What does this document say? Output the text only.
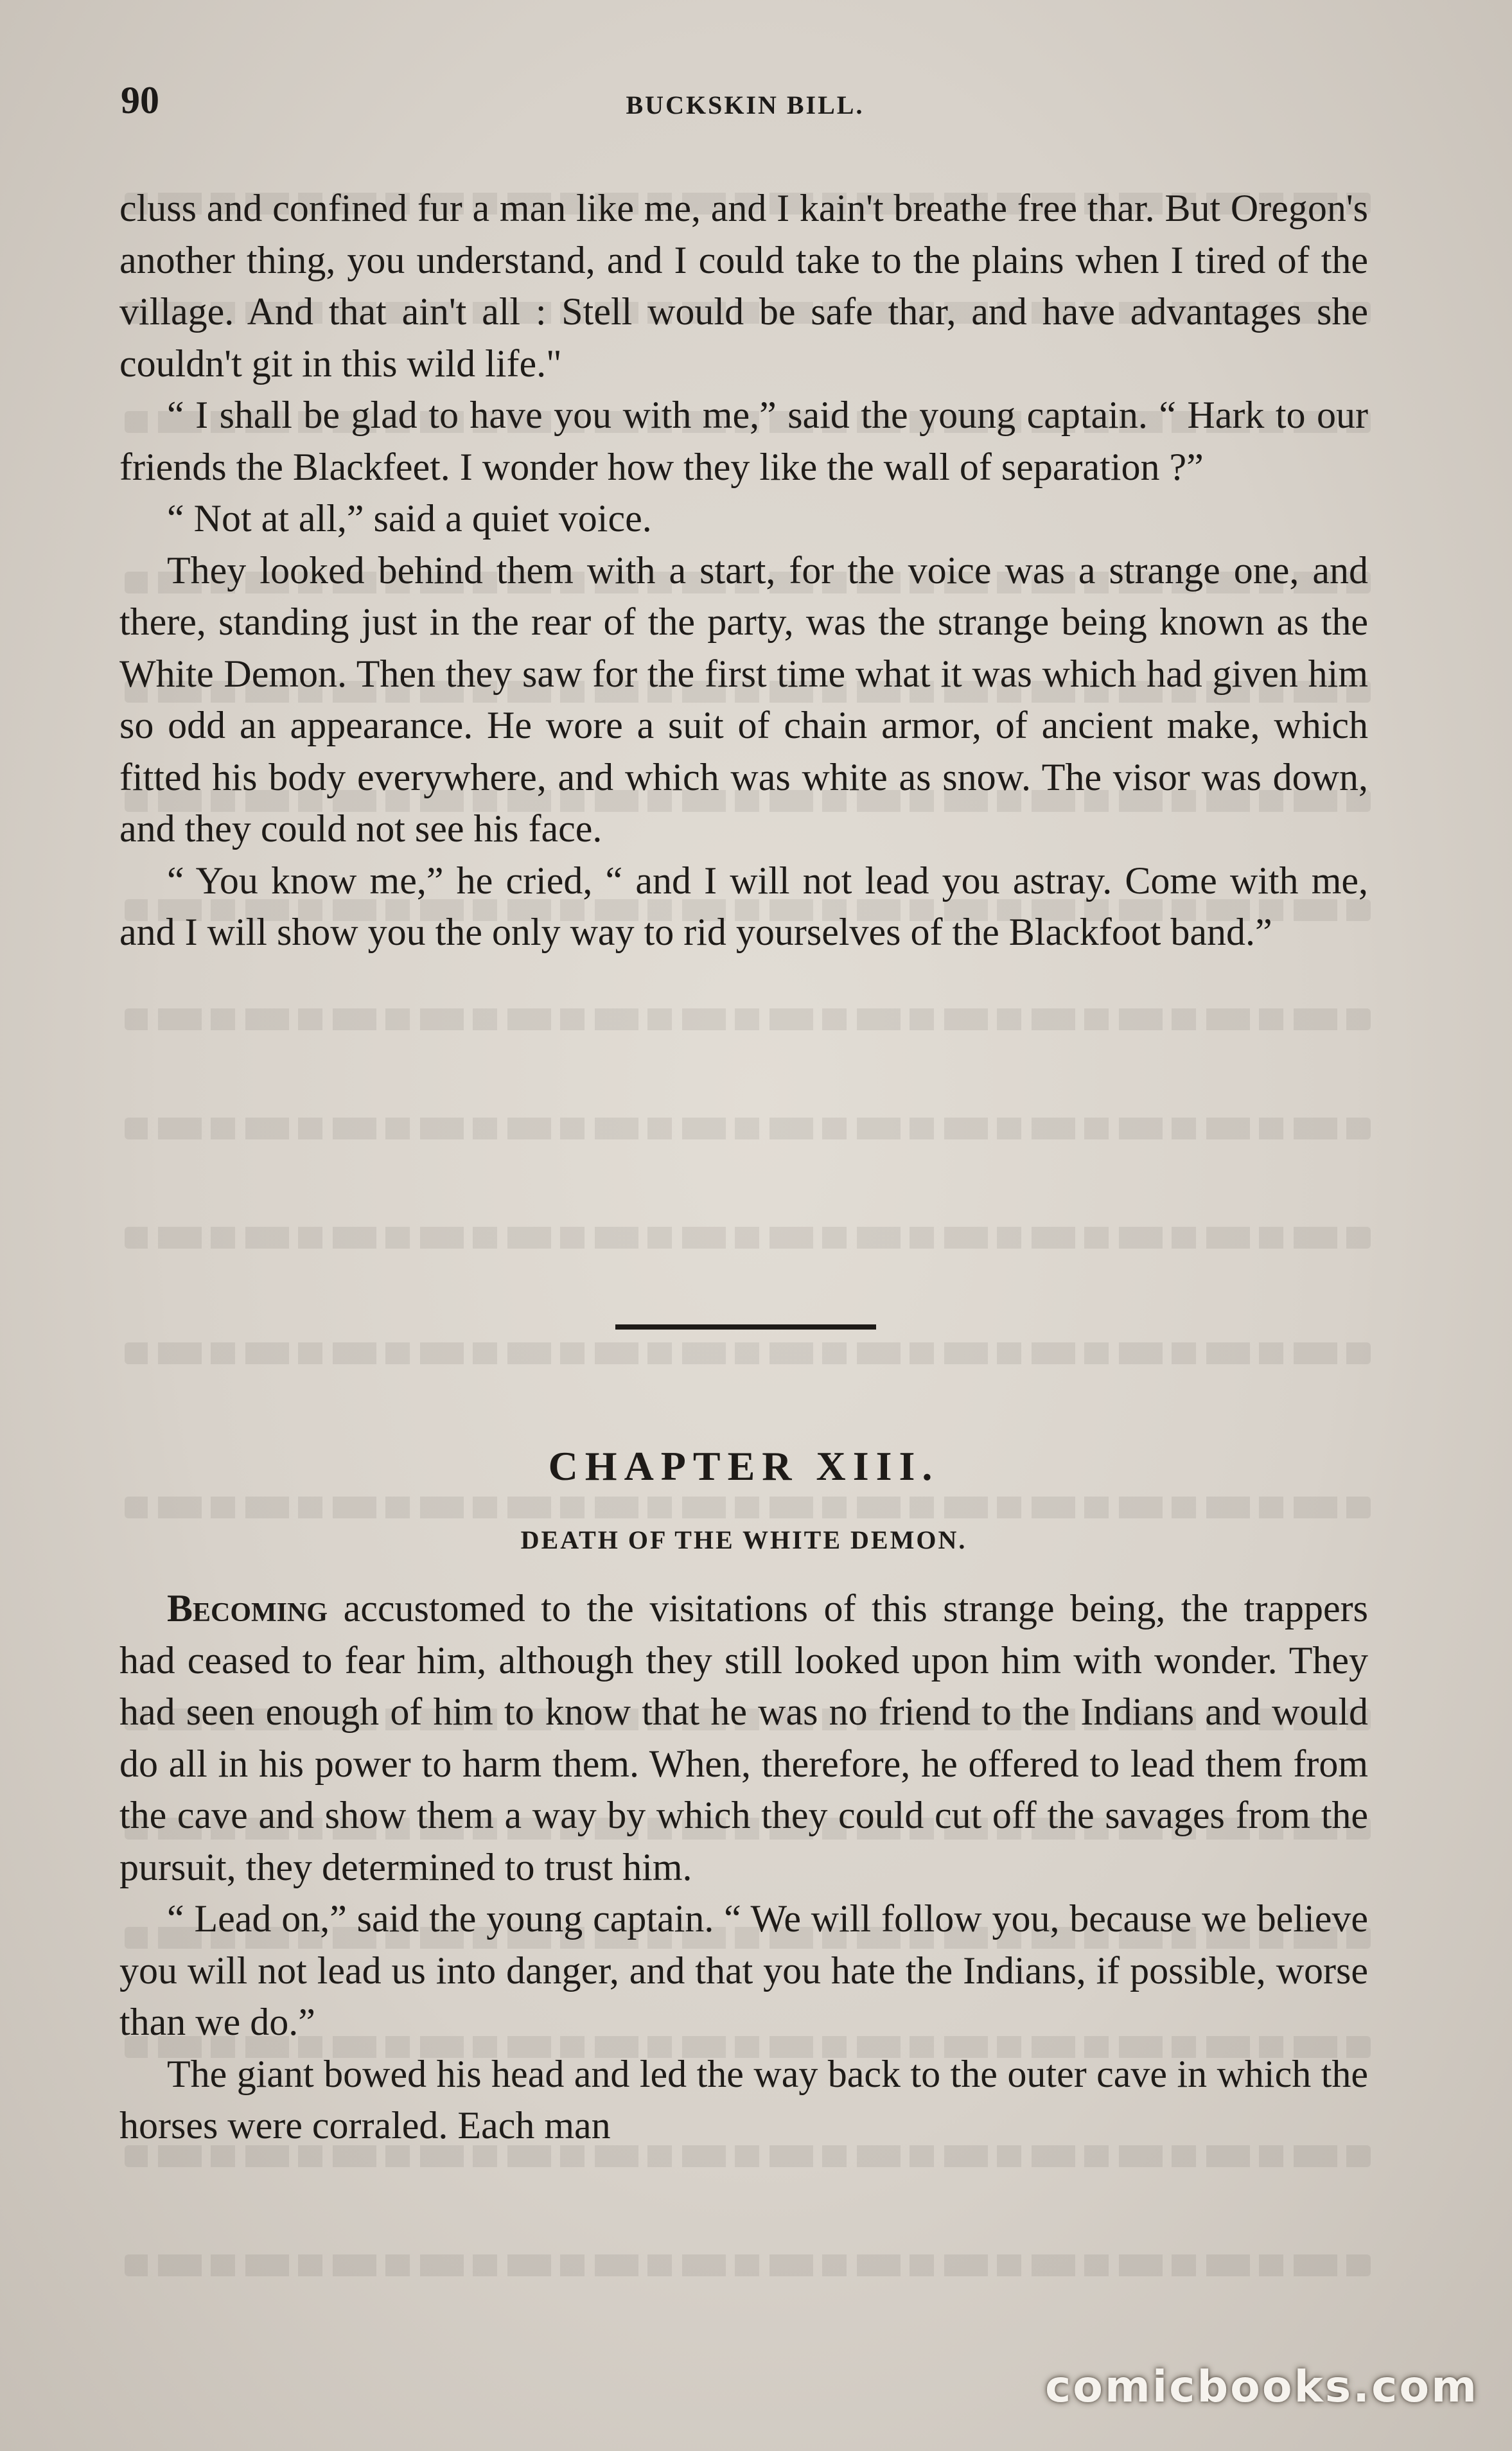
90	BUCKSKIN BILL.

cluss and confined fur a man like me, and I kain't breathe free thar. But Oregon's another thing, you understand, and I could take to the plains when I tired of the village. And that ain't all : Stell would be safe thar, and have advantages she couldn't git in this wild life."

“ I shall be glad to have you with me,” said the young captain. “ Hark to our friends the Blackfeet. I wonder how they like the wall of separation ?”

“ Not at all,” said a quiet voice.

They looked behind them with a start, for the voice was a strange one, and there, standing just in the rear of the party, was the strange being known as the White Demon. Then they saw for the first time what it was which had given him so odd an appearance. He wore a suit of chain armor, of ancient make, which fitted his body everywhere, and which was white as snow. The visor was down, and they could not see his face.

“ You know me,” he cried, “ and I will not lead you astray. Come with me, and I will show you the only way to rid yourselves of the Blackfoot band.”

CHAPTER XIII.
DEATH OF THE WHITE DEMON.

Becoming accustomed to the visitations of this strange being, the trappers had ceased to fear him, although they still looked upon him with wonder. They had seen enough of him to know that he was no friend to the Indians and would do all in his power to harm them. When, therefore, he offered to lead them from the cave and show them a way by which they could cut off the savages from the pursuit, they determined to trust him.

“ Lead on,” said the young captain. “ We will follow you, because we believe you will not lead us into danger, and that you hate the Indians, if possible, worse than we do.”

The giant bowed his head and led the way back to the outer cave in which the horses were corraled. Each man

comicbooks.com
